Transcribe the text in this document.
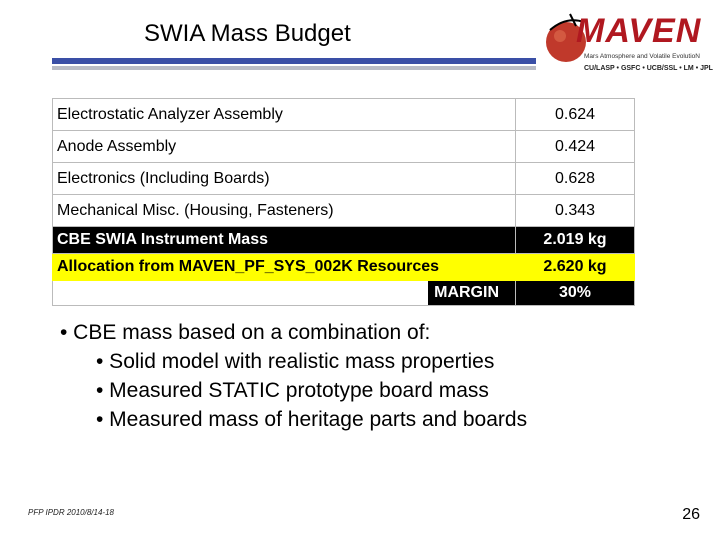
SWIA Mass Budget	MAVEN
Mars Atmosphere and Volatile EvolutioN
CU/LASP • GSFC • UCB/SSL • LM • JPL
Electrostatic Analyzer Assembly	0.624
Anode Assembly	0.424
Electronics (Including Boards)	0.628
Mechanical Misc. (Housing, Fasteners)	0.343
CBE SWIA Instrument Mass	2.019 kg
Allocation from MAVEN_PF_SYS_002K Resources	2.620 kg
MARGIN	30%
• CBE mass based on a combination of:
• Solid model with realistic mass properties
• Measured STATIC prototype board mass
• Measured mass of heritage parts and boards
PFP IPDR 2010/8/14-18	26
